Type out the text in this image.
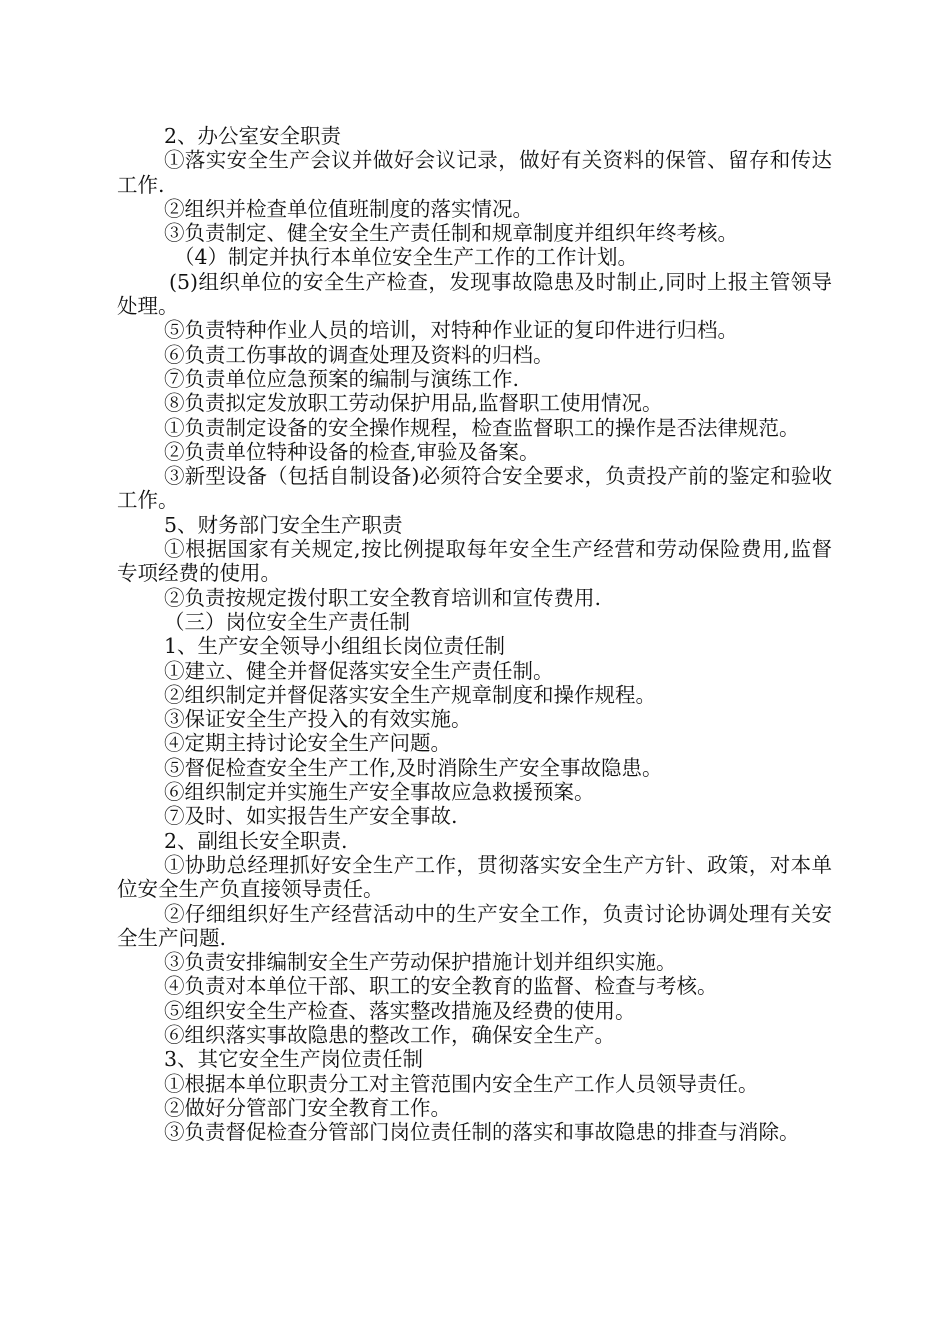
2、办公室安全职责

①落实安全生产会议并做好会议记录，做好有关资料的保管、留存和传达工作.

②组织并检查单位值班制度的落实情况。

③负责制定、健全安全生产责任制和规章制度并组织年终考核。

（4）制定并执行本单位安全生产工作的工作计划。

(5)组织单位的安全生产检查，发现事故隐患及时制止,同时上报主管领导处理。

⑤负责特种作业人员的培训，对特种作业证的复印件进行归档。

⑥负责工伤事故的调查处理及资料的归档。

⑦负责单位应急预案的编制与演练工作.

⑧负责拟定发放职工劳动保护用品,监督职工使用情况。

①负责制定设备的安全操作规程，检查监督职工的操作是否法律规范。

②负责单位特种设备的检查,审验及备案。

③新型设备（包括自制设备)必须符合安全要求，负责投产前的鉴定和验收工作。

5、财务部门安全生产职责

①根据国家有关规定,按比例提取每年安全生产经营和劳动保险费用,监督专项经费的使用。

②负责按规定拨付职工安全教育培训和宣传费用.

（三）岗位安全生产责任制

1、生产安全领导小组组长岗位责任制

①建立、健全并督促落实安全生产责任制。

②组织制定并督促落实安全生产规章制度和操作规程。

③保证安全生产投入的有效实施。

④定期主持讨论安全生产问题。

⑤督促检查安全生产工作,及时消除生产安全事故隐患。

⑥组织制定并实施生产安全事故应急救援预案。

⑦及时、如实报告生产安全事故.

2、副组长安全职责.

①协助总经理抓好安全生产工作，贯彻落实安全生产方针、政策，对本单位安全生产负直接领导责任。

②仔细组织好生产经营活动中的生产安全工作，负责讨论协调处理有关安全生产问题.

③负责安排编制安全生产劳动保护措施计划并组织实施。

④负责对本单位干部、职工的安全教育的监督、检查与考核。

⑤组织安全生产检查、落实整改措施及经费的使用。

⑥组织落实事故隐患的整改工作，确保安全生产。

3、其它安全生产岗位责任制

①根据本单位职责分工对主管范围内安全生产工作人员领导责任。

②做好分管部门安全教育工作。

③负责督促检查分管部门岗位责任制的落实和事故隐患的排查与消除。
